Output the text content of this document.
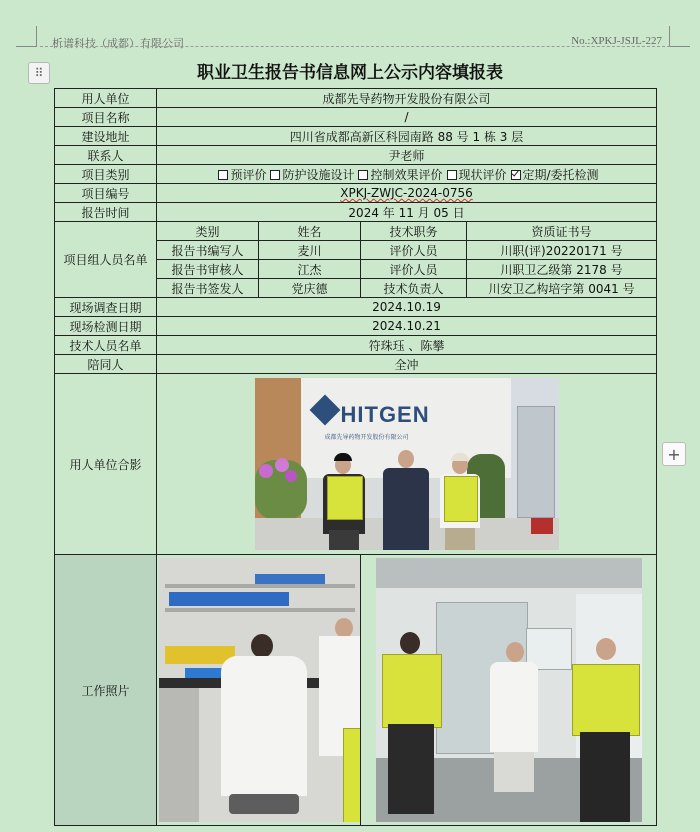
析谱科技（成都）有限公司	No.:XPKJ-JSJL-227
⠿
+
职业卫生报告书信息网上公示内容填报表
用人单位	成都先导药物开发股份有限公司			
项目名称	/			
建设地址	四川省成都高新区科园南路 88 号 1 栋 3 层			
联系人	尹老师			
项目类别	预评价 防护设施设计 控制效果评价 现状评价 定期/委托检测			
项目编号	XPKJ-ZWJC-2024-0756			
报告时间	2024 年 11 月 05 日			
项目组人员名单	类别	姓名	技术职务	资质证书号
	报告书编写人	麦川	评价人员	川职(评)20220171 号
	报告书审核人	江杰	评价人员	川职卫乙级第 2178 号
	报告书签发人	党庆德	技术负责人	川安卫乙构培字第 0041 号
现场调查日期	2024.10.19			
现场检测日期	2024.10.21			
技术人员名单	符珠珏 、陈攀			
陪同人	全冲			
用人单位合影	HITGEN
成都先导药物开发股份有限公司			

工作照片			
